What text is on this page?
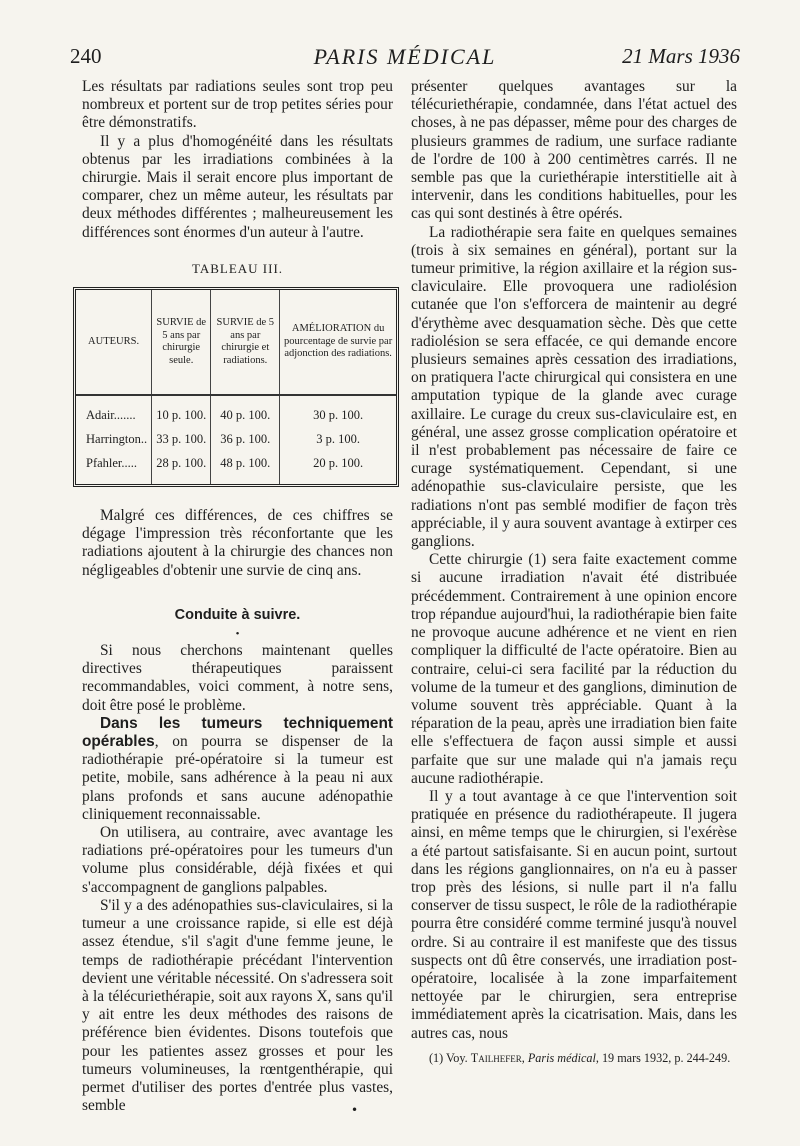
240	PARIS MÉDICAL	21 Mars 1936

Les résultats par radiations seules sont trop peu nombreux et portent sur de trop petites séries pour être démonstratifs.

Il y a plus d'homogénéité dans les résultats obtenus par les irradiations combinées à la chirurgie. Mais il serait encore plus important de comparer, chez un même auteur, les résultats par deux méthodes différentes ; malheureusement les différences sont énormes d'un auteur à l'autre.

TABLEAU III.
AUTEURS.	SURVIE de 5 ans par chirurgie seule.	SURVIE de 5 ans par chirurgie et radiations.	AMÉLIORATION du pourcentage de survie par adjonction des radiations.
Adair.......	10 p. 100.	40 p. 100.	30 p. 100.
Harrington..	33 p. 100.	36 p. 100.	3 p. 100.
Pfahler.....	28 p. 100.	48 p. 100.	20 p. 100.

Malgré ces différences, de ces chiffres se dégage l'impression très réconfortante que les radiations ajoutent à la chirurgie des chances non négligeables d'obtenir une survie de cinq ans.

Conduite à suivre.
•

Si nous cherchons maintenant quelles directives thérapeutiques paraissent recommandables, voici comment, à notre sens, doit être posé le problème.

Dans les tumeurs techniquement opérables, on pourra se dispenser de la radiothérapie pré-opératoire si la tumeur est petite, mobile, sans adhérence à la peau ni aux plans profonds et sans aucune adénopathie cliniquement reconnaissable.

On utilisera, au contraire, avec avantage les radiations pré-opératoires pour les tumeurs d'un volume plus considérable, déjà fixées et qui s'accompagnent de ganglions palpables.

S'il y a des adénopathies sus-claviculaires, si la tumeur a une croissance rapide, si elle est déjà assez étendue, s'il s'agit d'une femme jeune, le temps de radiothérapie précédant l'intervention devient une véritable nécessité. On s'adressera soit à la télécuriethérapie, soit aux rayons X, sans qu'il y ait entre les deux méthodes des raisons de préférence bien évidentes. Disons toutefois que pour les patientes assez grosses et pour les tumeurs volumineuses, la rœntgenthérapie, qui permet d'utiliser des portes d'entrée plus vastes, semble

présenter quelques avantages sur la télécuriethérapie, condamnée, dans l'état actuel des choses, à ne pas dépasser, même pour des charges de plusieurs grammes de radium, une surface radiante de l'ordre de 100 à 200 centimètres carrés. Il ne semble pas que la curiethérapie interstitielle ait à intervenir, dans les conditions habituelles, pour les cas qui sont destinés à être opérés.

La radiothérapie sera faite en quelques semaines (trois à six semaines en général), portant sur la tumeur primitive, la région axillaire et la région sus-claviculaire. Elle provoquera une radiolésion cutanée que l'on s'efforcera de maintenir au degré d'érythème avec desquamation sèche. Dès que cette radiolésion se sera effacée, ce qui demande encore plusieurs semaines après cessation des irradiations, on pratiquera l'acte chirurgical qui consistera en une amputation typique de la glande avec curage axillaire. Le curage du creux sus-claviculaire est, en général, une assez grosse complication opératoire et il n'est probablement pas nécessaire de faire ce curage systématiquement. Cependant, si une adénopathie sus-claviculaire persiste, que les radiations n'ont pas semblé modifier de façon très appréciable, il y aura souvent avantage à extirper ces ganglions.

Cette chirurgie (1) sera faite exactement comme si aucune irradiation n'avait été distribuée précédemment. Contrairement à une opinion encore trop répandue aujourd'hui, la radiothérapie bien faite ne provoque aucune adhérence et ne vient en rien compliquer la difficulté de l'acte opératoire. Bien au contraire, celui-ci sera facilité par la réduction du volume de la tumeur et des ganglions, diminution de volume souvent très appréciable. Quant à la réparation de la peau, après une irradiation bien faite elle s'effectuera de façon aussi simple et aussi parfaite que sur une malade qui n'a jamais reçu aucune radiothérapie.

Il y a tout avantage à ce que l'intervention soit pratiquée en présence du radiothérapeute. Il jugera ainsi, en même temps que le chirurgien, si l'exérèse a été partout satisfaisante. Si en aucun point, surtout dans les régions ganglionnaires, on n'a eu à passer trop près des lésions, si nulle part il n'a fallu conserver de tissu suspect, le rôle de la radiothérapie pourra être considéré comme terminé jusqu'à nouvel ordre. Si au contraire il est manifeste que des tissus suspects ont dû être conservés, une irradiation post-opératoire, localisée à la zone imparfaitement nettoyée par le chirurgien, sera entreprise immédiatement après la cicatrisation. Mais, dans les autres cas, nous

(1) Voy. Tailhefer, Paris médical, 19 mars 1932, p. 244-249.

•
